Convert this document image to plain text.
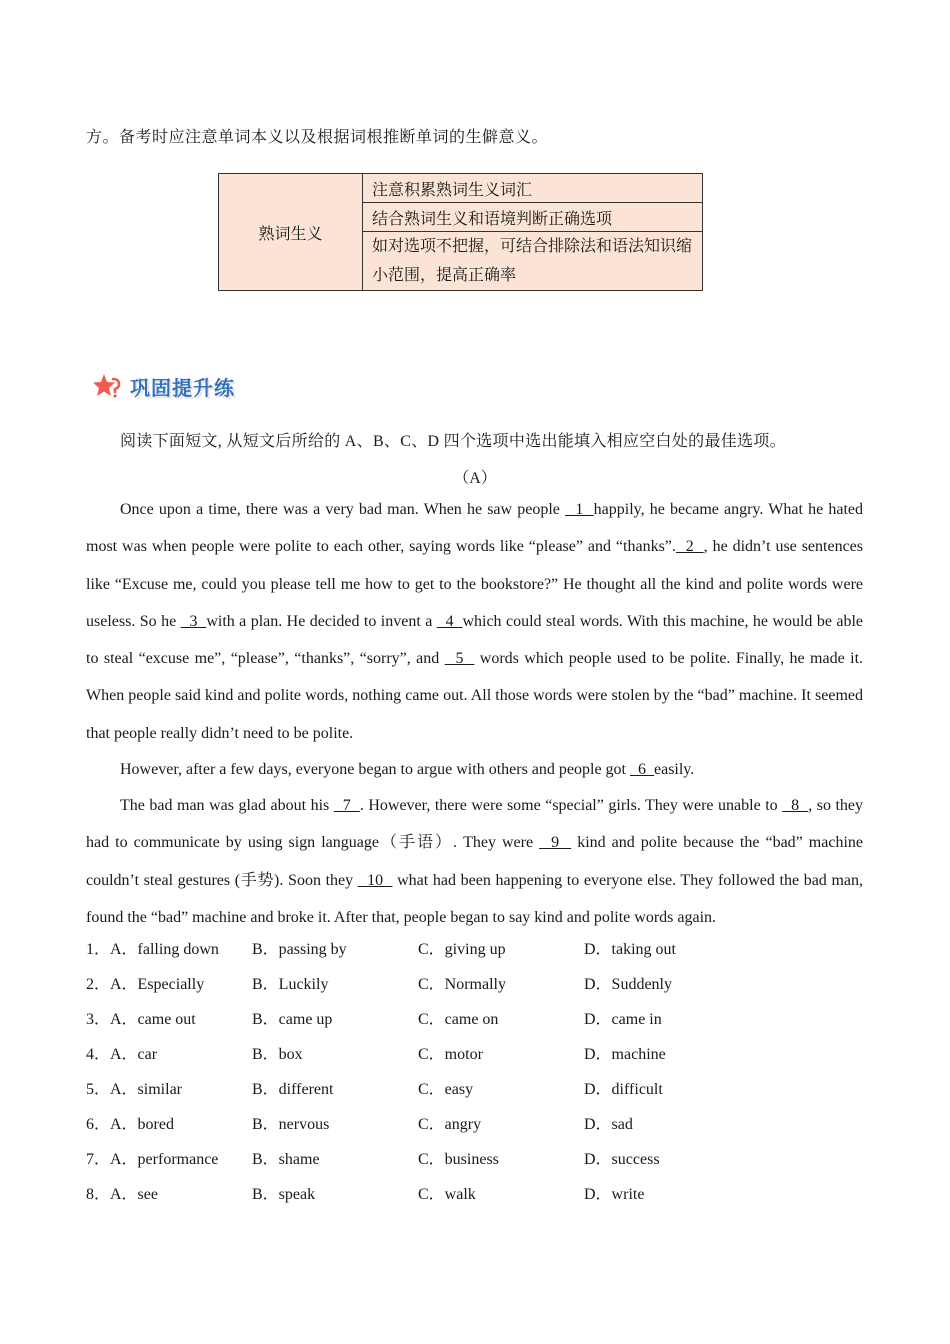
方。备考时应注意单词本义以及根据词根推断单词的生僻意义。
熟词生义	注意积累熟词生义词汇
结合熟词生义和语境判断正确选项
如对选项不把握，可结合排除法和语法知识缩小范围，提高正确率
巩固提升练
阅读下面短文, 从短文后所给的 A、B、C、D 四个选项中选出能填入相应空白处的最佳选项。
（A）

Once upon a time, there was a very bad man. When he saw people   1  happily, he became angry. What he hated most was when people were polite to each other, saying words like “please” and “thanks”.  2  , he didn’t use sentences like “Excuse me, could you please tell me how to get to the bookstore?” He thought all the kind and polite words were useless. So he   3  with a plan. He decided to invent a   4  which could steal words. With this machine, he would be able to steal “excuse me”, “please”, “thanks”, “sorry”, and   5   words which people used to be polite. Finally, he made it. When people said kind and polite words, nothing came out. All those words were stolen by the “bad” machine. It seemed that people really didn’t need to be polite.

However, after a few days, everyone began to argue with others and people got   6  easily.

The bad man was glad about his   7  . However, there were some “special” girls. They were unable to   8  , so they had to communicate by using sign language（手语）. They were   9   kind and polite because the “bad” machine couldn’t steal gestures (手势). Soon they   10   what had been happening to everyone else. They followed the bad man, found the “bad” machine and broke it. After that, people began to say kind and polite words again.

1．A．falling down B．passing by	C．giving up	D．taking out
2．A．Especially	B．Luckily	C．Normally	D．Suddenly
3．A．came out	B．came up	C．came on	D．came in
4．A．car	B．box	C．motor	D．machine
5．A．similar	B．different	C．easy	D．difficult
6．A．bored	B．nervous	C．angry	D．sad
7．A．performance B．shame	C．business	D．success
8．A．see	B．speak	C．walk	D．write
